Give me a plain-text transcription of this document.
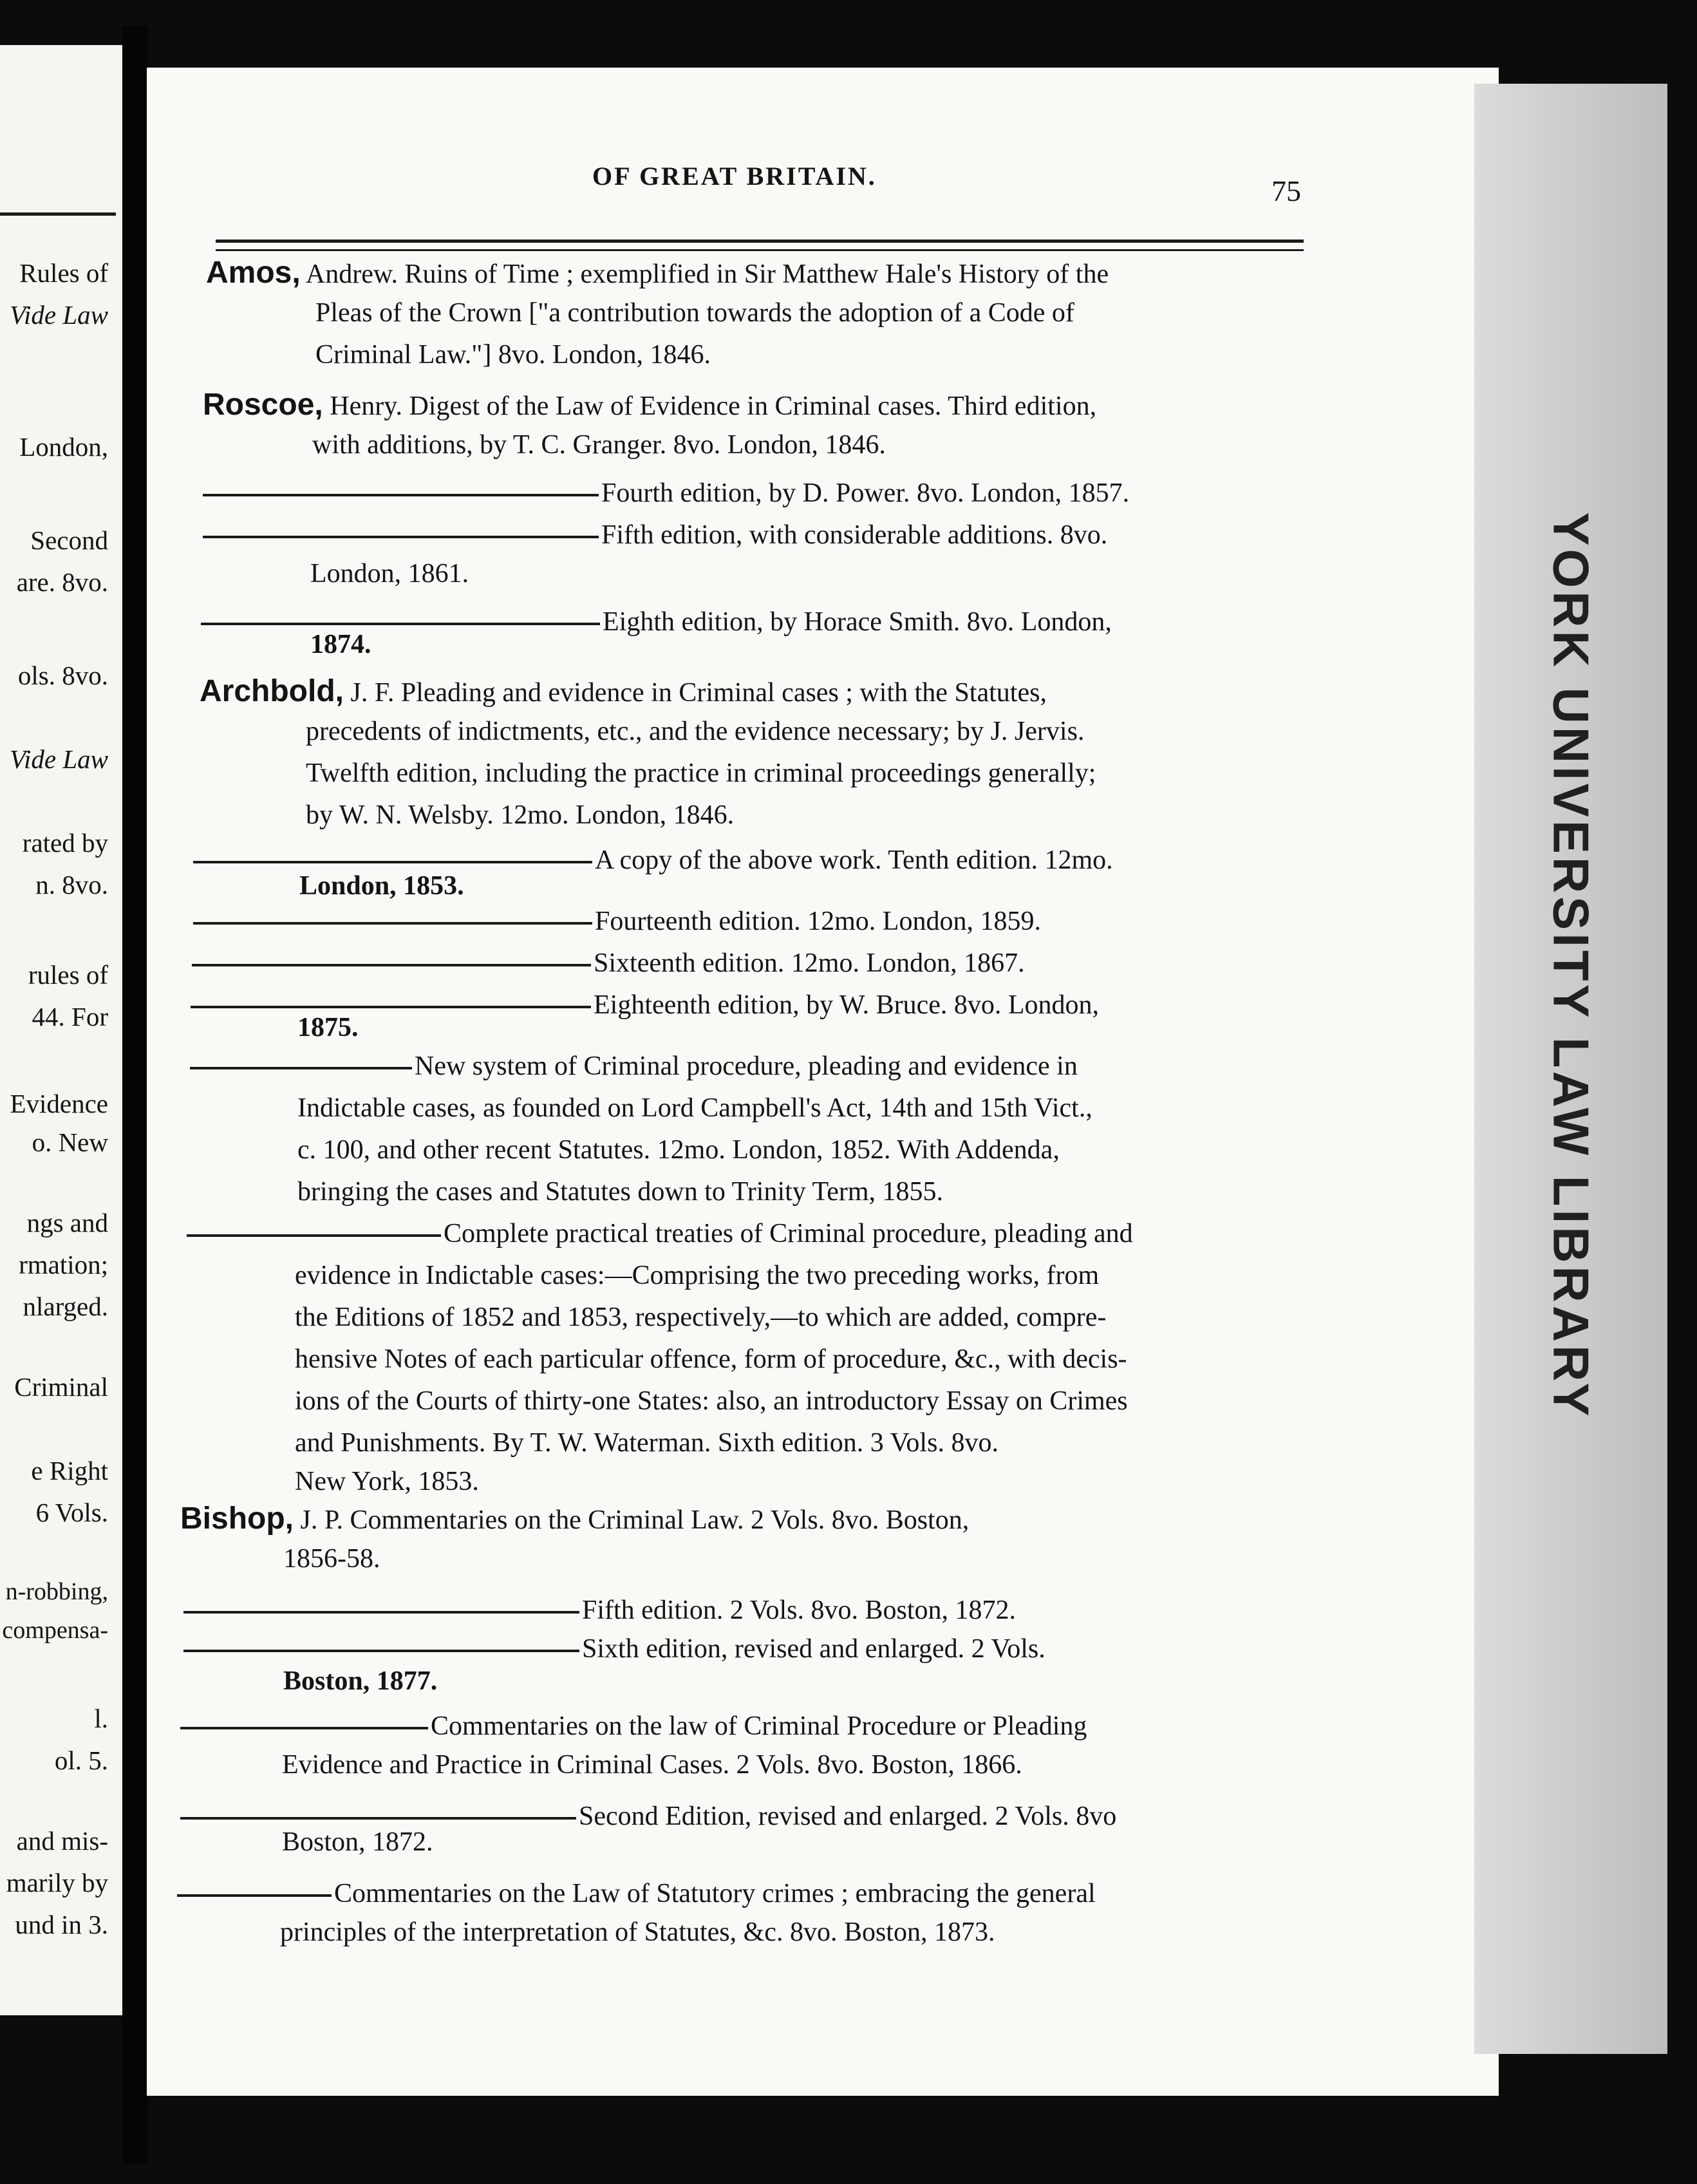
Rules of
Vide Law
London,
Second
are. 8vo.
ols. 8vo.
Vide Law
rated by
n. 8vo.
rules of
44. For
Evidence
o. New
ngs and
rmation;
nlarged.
Criminal
e Right
6 Vols.
n-robbing,
compensa-
l.
ol. 5.
and mis-
marily by
und in 3.
YORK UNIVERSITY LAW LIBRARY
OF GREAT BRITAIN.	75
Amos, Andrew. Ruins of Time ; exemplified in Sir Matthew Hale's History of the
Pleas of the Crown ["a contribution towards the adoption of a Code of
Criminal Law."] 8vo. London, 1846.
Roscoe, Henry. Digest of the Law of Evidence in Criminal cases. Third edition,
with additions, by T. C. Granger. 8vo. London, 1846.
Fourth edition, by D. Power. 8vo. London, 1857.
Fifth edition, with considerable additions. 8vo.
London, 1861.
Eighth edition, by Horace Smith. 8vo. London,
1874.
Archbold, J. F. Pleading and evidence in Criminal cases ; with the Statutes,
precedents of indictments, etc., and the evidence necessary; by J. Jervis.
Twelfth edition, including the practice in criminal proceedings generally;
by W. N. Welsby. 12mo. London, 1846.
A copy of the above work. Tenth edition. 12mo.
London, 1853.
Fourteenth edition. 12mo. London, 1859.
Sixteenth edition. 12mo. London, 1867.
Eighteenth edition, by W. Bruce. 8vo. London,
1875.
New system of Criminal procedure, pleading and evidence in
Indictable cases, as founded on Lord Campbell's Act, 14th and 15th Vict.,
c. 100, and other recent Statutes. 12mo. London, 1852. With Addenda,
bringing the cases and Statutes down to Trinity Term, 1855.
Complete practical treaties of Criminal procedure, pleading and
evidence in Indictable cases:—Comprising the two preceding works, from
the Editions of 1852 and 1853, respectively,—to which are added, compre-
hensive Notes of each particular offence, form of procedure, &c., with decis-
ions of the Courts of thirty-one States: also, an introductory Essay on Crimes
and Punishments. By T. W. Waterman. Sixth edition. 3 Vols. 8vo.
New York, 1853.
Bishop, J. P. Commentaries on the Criminal Law. 2 Vols. 8vo. Boston,
1856-58.
Fifth edition. 2 Vols. 8vo. Boston, 1872.
Sixth edition, revised and enlarged. 2 Vols.
Boston, 1877.
Commentaries on the law of Criminal Procedure or Pleading
Evidence and Practice in Criminal Cases. 2 Vols. 8vo. Boston, 1866.
Second Edition, revised and enlarged. 2 Vols. 8vo
Boston, 1872.
Commentaries on the Law of Statutory crimes ; embracing the general
principles of the interpretation of Statutes, &c. 8vo. Boston, 1873.
